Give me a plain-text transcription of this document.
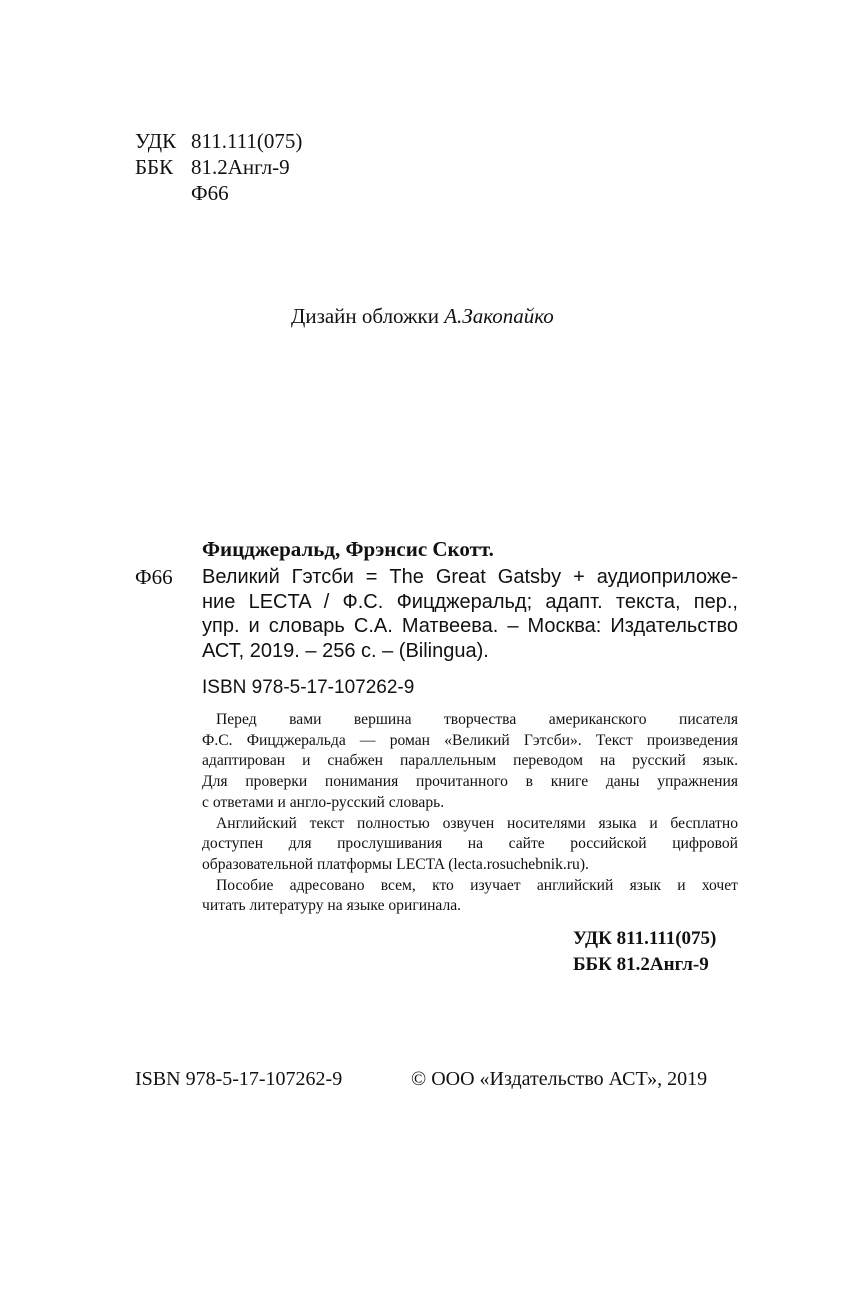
УДК 811.111(075)
ББК 81.2Англ-9
Ф66
Дизайн обложки А.Закопайко
Фицджеральд, Фрэнсис Скотт.
Ф66 Великий Гэтсби = The Great Gatsby + аудиоприложе-
ние LECTA / Ф.С. Фицджеральд; адапт. текста, пер.,
упр. и словарь С.А. Матвеева. – Москва: Издательство
АСТ, 2019. – 256 с. – (Bilingua).
ISBN 978-5-17-107262-9
Перед вами вершина творчества американского писателя
Ф.С. Фицджеральда — роман «Великий Гэтсби». Текст произведения
адаптирован и снабжен параллельным переводом на русский язык.
Для проверки понимания прочитанного в книге даны упражнения
с ответами и англо-русский словарь.
Английский текст полностью озвучен носителями языка и бесплатно
доступен для прослушивания на сайте российской цифровой
образовательной платформы LECTA (lecta.rosuchebnik.ru).
Пособие адресовано всем, кто изучает английский язык и хочет
читать литературу на языке оригинала.
УДК 811.111(075)
ББК 81.2Англ-9
ISBN 978-5-17-107262-9	© ООО «Издательство АСТ», 2019
